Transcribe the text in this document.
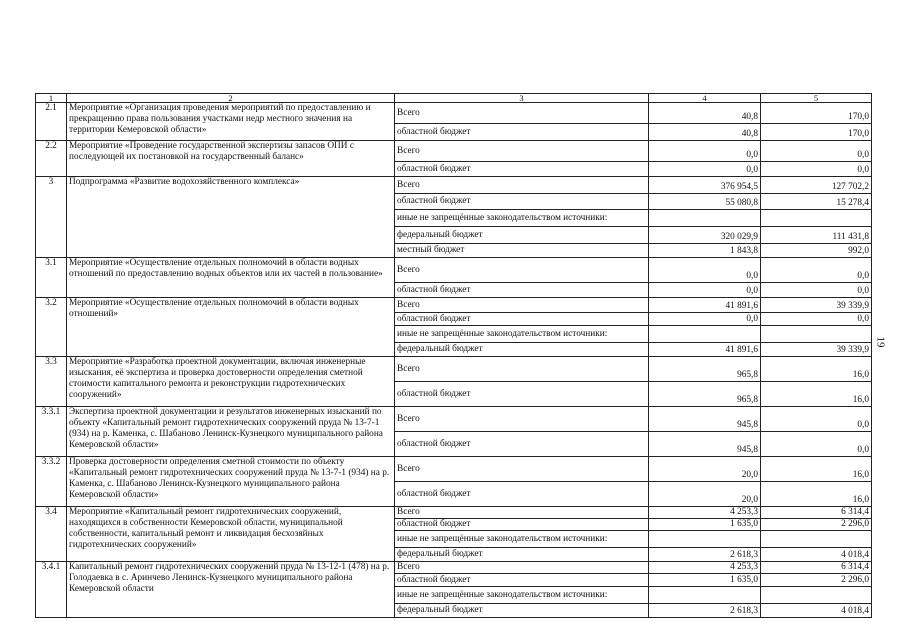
1	2	3	4	5
2.1	Мероприятие «Организация проведения мероприятий по предоставлению и прекращению права пользования участками недр местного значения на территории Кемеровской области»	Всего	40,8	170,0
		областной бюджет	40,8	170,0
2.2	Мероприятие «Проведение государственной экспертизы запасов ОПИ с последующей их постановкой на государственный баланс»	Всего	0,0	0,0
		областной бюджет	0,0	0,0
3	Подпрограмма «Развитие водохозяйственного комплекса»	Всего	376 954,5	127 702,2
		областной бюджет	55 080,8	15 278,4
		иные не запрещённые законодательством источники:		
		федеральный бюджет	320 029,9	111 431,8
		местный бюджет	1 843,8	992,0
3.1	Мероприятие «Осуществление отдельных полномочий в области водных отношений по предоставлению водных объектов или их частей в пользование»	Всего	0,0	0,0
		областной бюджет	0,0	0,0
3.2	Мероприятие «Осуществление отдельных полномочий в области водных отношений»	Всего	41 891,6	39 339,9
		областной бюджет	0,0	0,0
		иные не запрещённые законодательством источники:		
		федеральный бюджет	41 891,6	39 339,9
3.3	Мероприятие «Разработка проектной документации, включая инженерные изыскания, её экспертиза и проверка достоверности определения сметной стоимости капитального ремонта и реконструкции гидротехнических сооружений»	Всего	965,8	16,0
		областной бюджет	965,8	16,0
3.3.1	Экспертиза проектной документации и результатов инженерных изысканий по объекту «Капитальный ремонт гидротехнических сооружений пруда № 13-7-1 (934) на р. Каменка, с. Шабаново Ленинск-Кузнецкого муниципального района Кемеровской области»	Всего	945,8	0,0
		областной бюджет	945,8	0,0
3.3.2	Проверка достоверности определения сметной стоимости по объекту «Капитальный ремонт гидротехнических сооружений пруда № 13-7-1 (934) на р. Каменка, с. Шабаново Ленинск-Кузнецкого муниципального района Кемеровской области»	Всего	20,0	16,0
		областной бюджет	20,0	16,0
3.4	Мероприятие «Капитальный ремонт гидротехнических сооружений, находящихся в собственности Кемеровской области, муниципальной собственности, капитальный ремонт и ликвидация бесхозяйных гидротехнических сооружений»	Всего	4 253,3	6 314,4
		областной бюджет	1 635,0	2 296,0
		иные не запрещённые законодательством источники:		
		федеральный бюджет	2 618,3	4 018,4
3.4.1	Капитальный ремонт гидротехнических сооружений пруда № 13-12-1 (478) на р. Голодаевка в с. Аринчево Ленинск-Кузнецкого муниципального района Кемеровской области	Всего	4 253,3	6 314,4
		областной бюджет	1 635,0	2 296,0
		иные не запрещённые законодательством источники:		
		федеральный бюджет	2 618,3	4 018,4
19
